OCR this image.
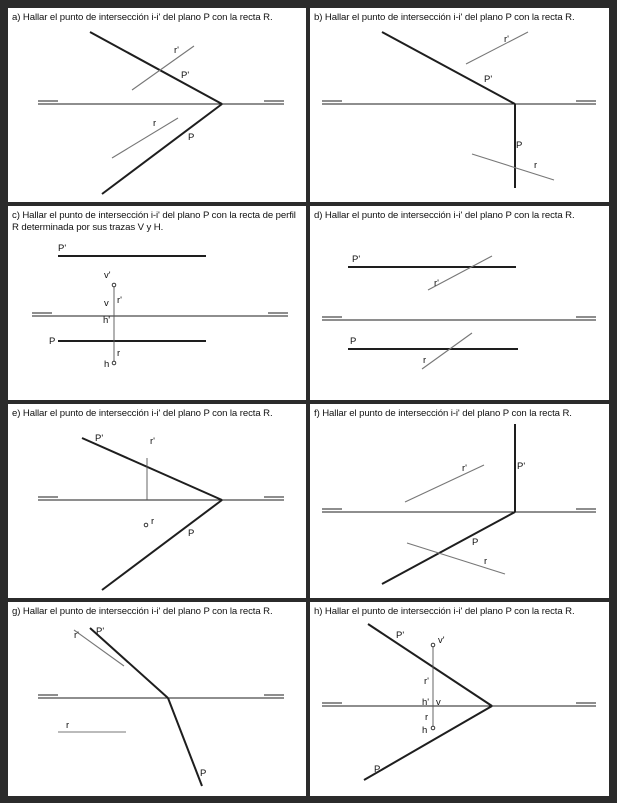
a) Hallar el punto de intersección i-i' del plano P con la recta R.
r'
P'
r
P
b) Hallar el punto de intersección i-i' del plano P con la recta R.
r'
P'
P
r
c) Hallar el punto de intersección i-i' del plano P con la recta de perfil R determinada por sus trazas V y H.
P'
v'
v r'
h'
P
r
h
d) Hallar el punto de intersección i-i' del plano P con la recta R.
P'
r'
P
r
e) Hallar el punto de intersección i-i' del plano P con la recta R.
P'	r'
r
P
f) Hallar el punto de intersección i-i' del plano P con la recta R.
r'	P'
P
r
g) Hallar el punto de intersección i-i' del plano P con la recta R.
r' P'
r
P
h) Hallar el punto de intersección i-i' del plano P con la recta R.
P'	v'
r'
h' v
r
h
P
